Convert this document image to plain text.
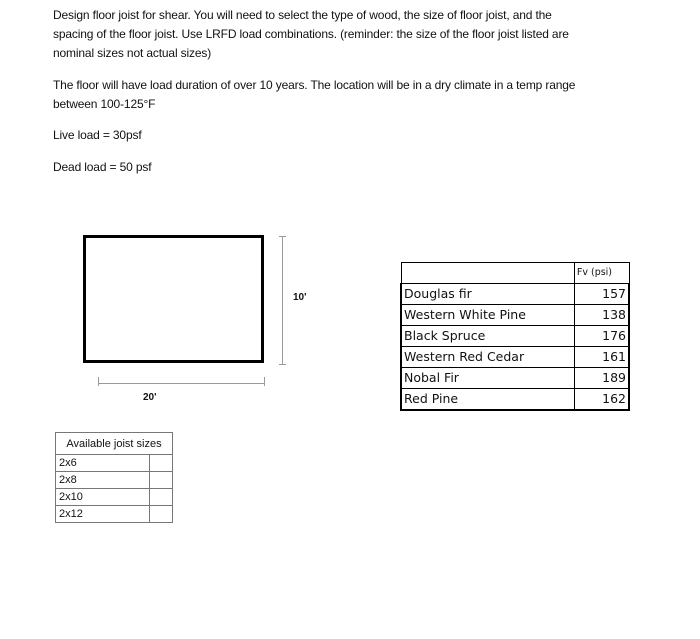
Design floor joist for shear. You will need to select the type of wood, the size of floor joist, and the
spacing of the floor joist. Use LRFD load combinations. (reminder: the size of the floor joist listed are
nominal sizes not actual sizes)
The floor will have load duration of over 10 years. The location will be in a dry climate in a temp range
between 100-125°F
Live load = 30psf
Dead load = 50 psf
10'
20'
	Fv (psi)
Douglas fir	157
Western White Pine	138
Black Spruce	176
Western Red Cedar	161
Nobal Fir	189
Red Pine	162
Available joist sizes	
2x6	
2x8	
2x10	
2x12	
